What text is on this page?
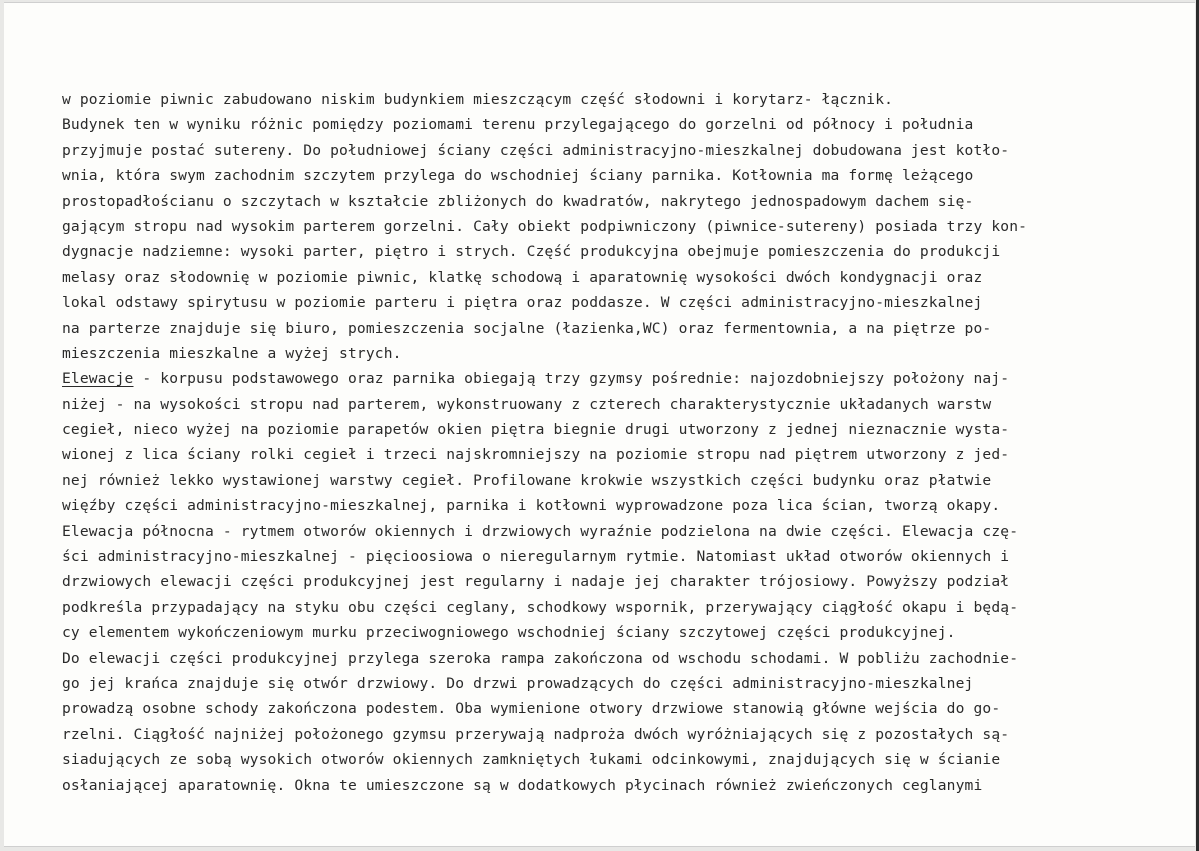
w poziomie piwnic zabudowano niskim budynkiem mieszczącym część słodowni i korytarz- łącznik.
Budynek ten w wyniku różnic pomiędzy poziomami terenu przylegającego do gorzelni od północy i południa
przyjmuje postać sutereny. Do południowej ściany części administracyjno-mieszkalnej dobudowana jest kotło-
wnia, która swym zachodnim szczytem przylega do wschodniej ściany parnika. Kotłownia ma formę leżącego
prostopadłościanu o szczytach w kształcie zbliżonych do kwadratów, nakrytego jednospadowym dachem się-
gającym stropu nad wysokim parterem gorzelni. Cały obiekt podpiwniczony (piwnice-sutereny) posiada trzy kon-
dygnacje nadziemne: wysoki parter, piętro i strych. Część produkcyjna obejmuje pomieszczenia do produkcji
melasy oraz słodownię w poziomie piwnic, klatkę schodową i aparatownię wysokości dwóch kondygnacji oraz
lokal odstawy spirytusu w poziomie parteru i piętra oraz poddasze. W części administracyjno-mieszkalnej
na parterze znajduje się biuro, pomieszczenia socjalne (łazienka,WC) oraz fermentownia, a na piętrze po-
mieszczenia mieszkalne a wyżej strych.
Elewacje - korpusu podstawowego oraz parnika obiegają trzy gzymsy pośrednie: najozdobniejszy położony naj-
niżej - na wysokości stropu nad parterem, wykonstruowany z czterech charakterystycznie układanych warstw
cegieł, nieco wyżej na poziomie parapetów okien piętra biegnie drugi utworzony z jednej nieznacznie wysta-
wionej z lica ściany rolki cegieł i trzeci najskromniejszy na poziomie stropu nad piętrem utworzony z jed-
nej również lekko wystawionej warstwy cegieł. Profilowane krokwie wszystkich części budynku oraz płatwie
więźby części administracyjno-mieszkalnej, parnika i kotłowni wyprowadzone poza lica ścian, tworzą okapy.
Elewacja północna - rytmem otworów okiennych i drzwiowych wyraźnie podzielona na dwie części. Elewacja czę-
ści administracyjno-mieszkalnej - pięcioosiowa o nieregularnym rytmie. Natomiast układ otworów okiennych i
drzwiowych elewacji części produkcyjnej jest regularny i nadaje jej charakter trójosiowy. Powyższy podział
podkreśla przypadający na styku obu części ceglany, schodkowy wspornik, przerywający ciągłość okapu i będą-
cy elementem wykończeniowym murku przeciwogniowego wschodniej ściany szczytowej części produkcyjnej.
Do elewacji części produkcyjnej przylega szeroka rampa zakończona od wschodu schodami. W pobliżu zachodnie-
go jej krańca znajduje się otwór drzwiowy. Do drzwi prowadzących do części administracyjno-mieszkalnej
prowadzą osobne schody zakończona podestem. Oba wymienione otwory drzwiowe stanowią główne wejścia do go-
rzelni. Ciągłość najniżej położonego gzymsu przerywają nadproża dwóch wyróżniających się z pozostałych są-
siadujących ze sobą wysokich otworów okiennych zamkniętych łukami odcinkowymi, znajdujących się w ścianie
osłaniającej aparatownię. Okna te umieszczone są w dodatkowych płycinach również zwieńczonych ceglanymi
